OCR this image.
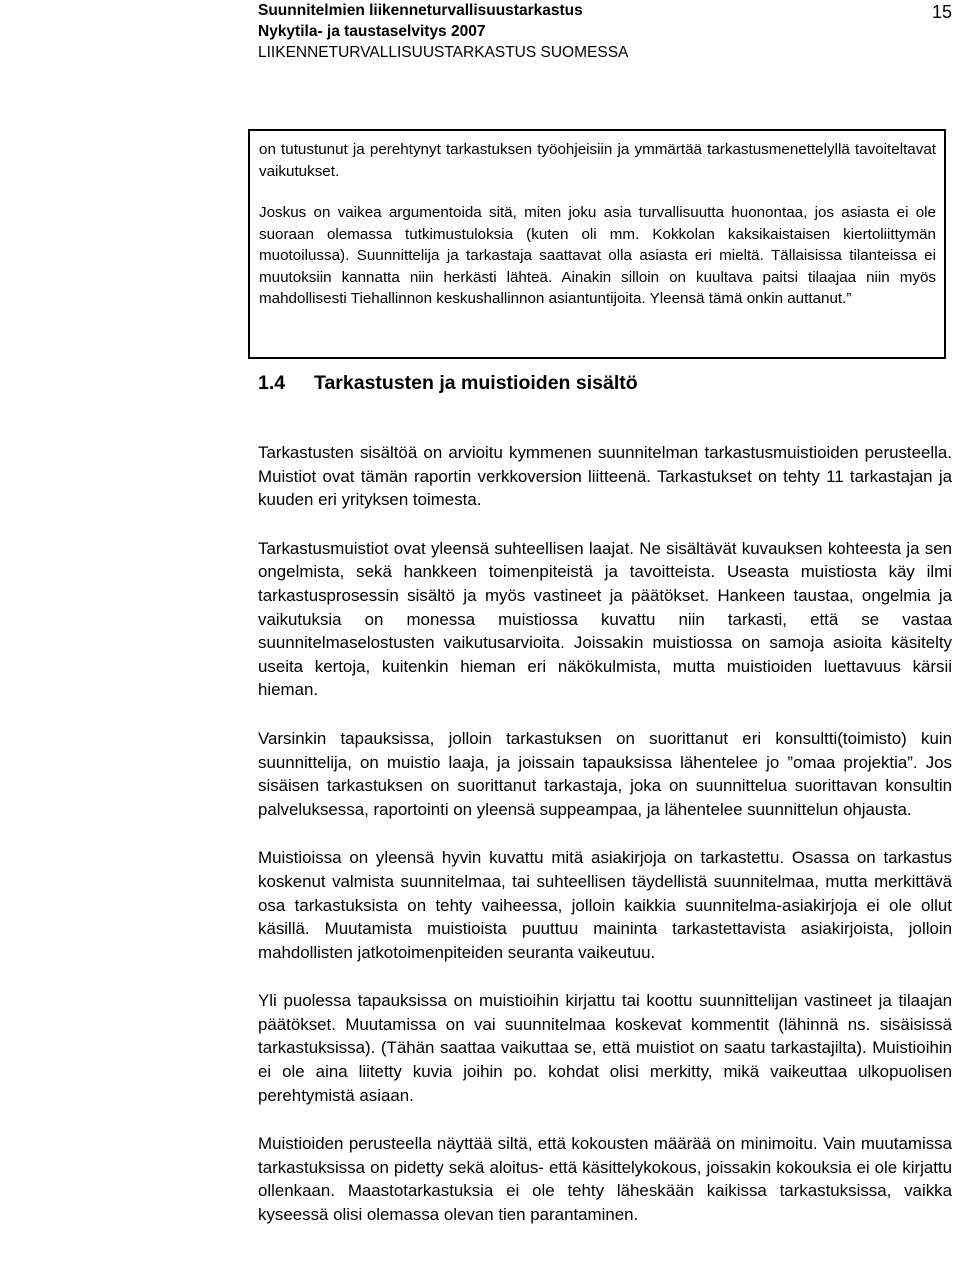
Suunnitelmien liikenneturvallisuustarkastus
Nykytila- ja taustaselvitys 2007
LIIKENNETURVALLISUUSTARKASTUS SUOMESSA
15

on tutustunut ja perehtynyt tarkastuksen työohjeisiin ja ymmärtää tarkastusmenettelyllä tavoiteltavat vaikutukset.

Joskus on vaikea argumentoida sitä, miten joku asia turvallisuutta huonontaa, jos asiasta ei ole suoraan olemassa tutkimustuloksia (kuten oli mm. Kokkolan kaksikaistaisen kiertoliittymän muotoilussa). Suunnittelija ja tarkastaja saattavat olla asiasta eri mieltä. Tällaisissa tilanteissa ei muutoksiin kannatta niin herkästi lähteä. Ainakin silloin on kuultava paitsi tilaajaa niin myös mahdollisesti Tiehallinnon keskushallinnon asiantuntijoita. Yleensä tämä onkin auttanut.”

1.4 Tarkastusten ja muistioiden sisältö

Tarkastusten sisältöä on arvioitu kymmenen suunnitelman tarkastusmuistioiden perusteella. Muistiot ovat tämän raportin verkkoversion liitteenä. Tarkastukset on tehty 11 tarkastajan ja kuuden eri yrityksen toimesta.

Tarkastusmuistiot ovat yleensä suhteellisen laajat. Ne sisältävät kuvauksen kohteesta ja sen ongelmista, sekä hankkeen toimenpiteistä ja tavoitteista. Useasta muistiosta käy ilmi tarkastusprosessin sisältö ja myös vastineet ja päätökset. Hankeen taustaa, ongelmia ja vaikutuksia on monessa muistiossa kuvattu niin tarkasti, että se vastaa suunnitelmaselostusten vaikutusarvioita. Joissakin muistiossa on samoja asioita käsitelty useita kertoja, kuitenkin hieman eri näkökulmista, mutta muistioiden luettavuus kärsii hieman.

Varsinkin tapauksissa, jolloin tarkastuksen on suorittanut eri konsultti(toimisto) kuin suunnittelija, on muistio laaja, ja joissain tapauksissa lähentelee jo ”omaa projektia”. Jos sisäisen tarkastuksen on suorittanut tarkastaja, joka on suunnittelua suorittavan konsultin palveluksessa, raportointi on yleensä suppeampaa, ja lähentelee suunnittelun ohjausta.

Muistioissa on yleensä hyvin kuvattu mitä asiakirjoja on tarkastettu. Osassa on tarkastus koskenut valmista suunnitelmaa, tai suhteellisen täydellistä suunnitelmaa, mutta merkittävä osa tarkastuksista on tehty vaiheessa, jolloin kaikkia suunnitelma-asiakirjoja ei ole ollut käsillä. Muutamista muistioista puuttuu maininta tarkastettavista asiakirjoista, jolloin mahdollisten jatkotoimenpiteiden seuranta vaikeutuu.

Yli puolessa tapauksissa on muistioihin kirjattu tai koottu suunnittelijan vastineet ja tilaajan päätökset. Muutamissa on vai suunnitelmaa koskevat kommentit (lähinnä ns. sisäisissä tarkastuksissa). (Tähän saattaa vaikuttaa se, että muistiot on saatu tarkastajilta). Muistioihin ei ole aina liitetty kuvia joihin po. kohdat olisi merkitty, mikä vaikeuttaa ulkopuolisen perehtymistä asiaan.

Muistioiden perusteella näyttää siltä, että kokousten määrää on minimoitu. Vain muutamissa tarkastuksissa on pidetty sekä aloitus- että käsittelykokous, joissakin kokouksia ei ole kirjattu ollenkaan. Maastotarkastuksia ei ole tehty läheskään kaikissa tarkastuksissa, vaikka kyseessä olisi olemassa olevan tien parantaminen.
